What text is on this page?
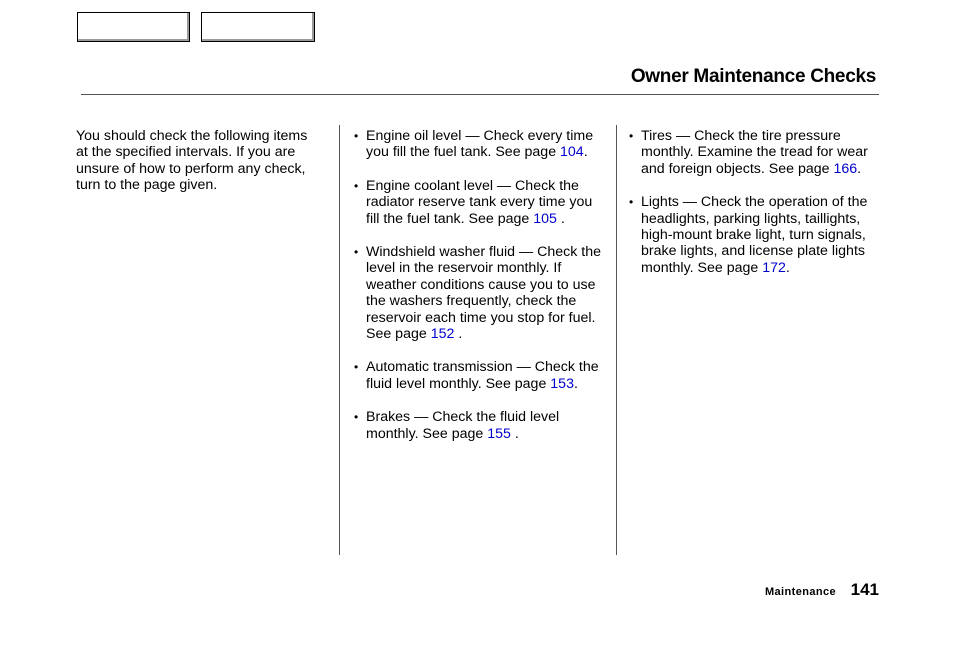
Owner Maintenance Checks
You should check the following items at the specified intervals. If you are unsure of how to perform any check, turn to the page given.
• Engine oil level — Check every time you fill the fuel tank. See page 104.
• Engine coolant level — Check the radiator reserve tank every time you fill the fuel tank. See page 105 .
• Windshield washer fluid — Check the level in the reservoir monthly. If weather conditions cause you to use the washers frequently, check the reservoir each time you stop for fuel. See page 152 .
• Automatic transmission — Check the fluid level monthly. See page 153.
• Brakes — Check the fluid level monthly. See page 155 .
• Tires — Check the tire pressure monthly. Examine the tread for wear and foreign objects. See page 166.
• Lights — Check the operation of the headlights, parking lights, taillights, high-mount brake light, turn signals, brake lights, and license plate lights monthly. See page 172.
Maintenance 141
